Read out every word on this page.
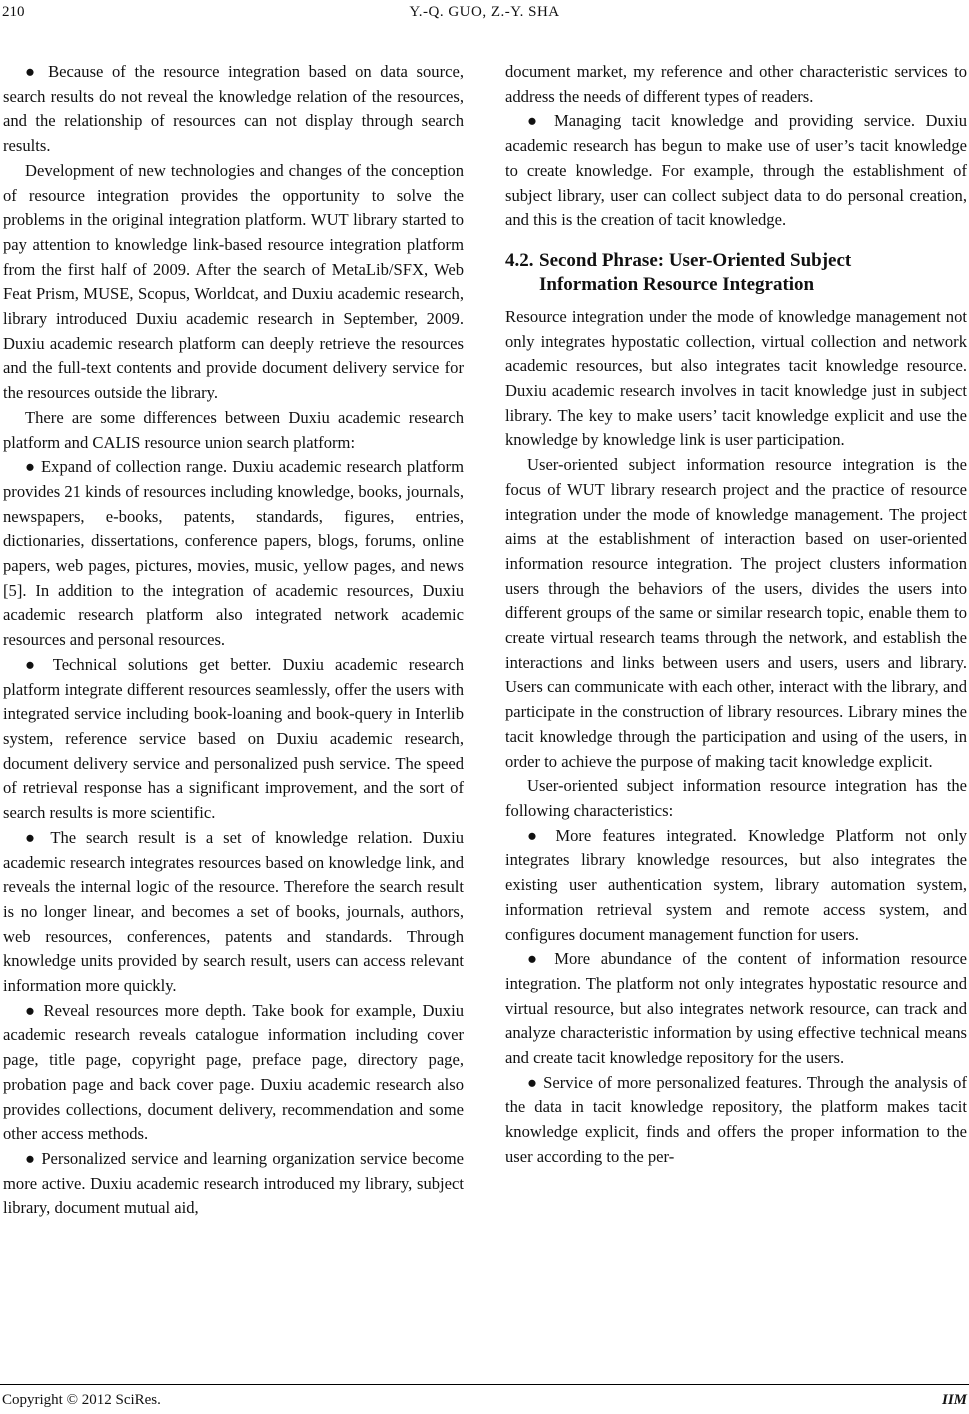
210	Y.-Q. GUO, Z.-Y. SHA

● Because of the resource integration based on data source, search results do not reveal the knowledge relation of the resources, and the relationship of resources can not display through search results.

Development of new technologies and changes of the conception of resource integration provides the opportunity to solve the problems in the original integration platform. WUT library started to pay attention to knowledge link-based resource integration platform from the first half of 2009. After the search of MetaLib/SFX, Web Feat Prism, MUSE, Scopus, Worldcat, and Duxiu academic research, library introduced Duxiu academic research in September, 2009. Duxiu academic research platform can deeply retrieve the resources and the full-text contents and provide document delivery service for the resources outside the library.

There are some differences between Duxiu academic research platform and CALIS resource union search platform:

● Expand of collection range. Duxiu academic research platform provides 21 kinds of resources including knowledge, books, journals, newspapers, e-books, patents, standards, figures, entries, dictionaries, dissertations, conference papers, blogs, forums, online papers, web pages, pictures, movies, music, yellow pages, and news [5]. In addition to the integration of academic resources, Duxiu academic research platform also integrated network academic resources and personal resources.

● Technical solutions get better. Duxiu academic research platform integrate different resources seamlessly, offer the users with integrated service including book-loaning and book-query in Interlib system, reference service based on Duxiu academic research, document delivery service and personalized push service. The speed of retrieval response has a significant improvement, and the sort of search results is more scientific.

● The search result is a set of knowledge relation. Duxiu academic research integrates resources based on knowledge link, and reveals the internal logic of the resource. Therefore the search result is no longer linear, and becomes a set of books, journals, authors, web resources, conferences, patents and standards. Through knowledge units provided by search result, users can access relevant information more quickly.

● Reveal resources more depth. Take book for example, Duxiu academic research reveals catalogue information including cover page, title page, copyright page, preface page, directory page, probation page and back cover page. Duxiu academic research also provides collections, document delivery, recommendation and some other access methods.

● Personalized service and learning organization service become more active. Duxiu academic research introduced my library, subject library, document mutual aid,

document market, my reference and other characteristic services to address the needs of different types of readers.

● Managing tacit knowledge and providing service. Duxiu academic research has begun to make use of user’s tacit knowledge to create knowledge. For example, through the establishment of subject library, user can collect subject data to do personal creation, and this is the creation of tacit knowledge.

4.2. Second Phrase: User-Oriented Subject
Information Resource Integration

Resource integration under the mode of knowledge management not only integrates hypostatic collection, virtual collection and network academic resources, but also integrates tacit knowledge resource. Duxiu academic research involves in tacit knowledge just in subject library. The key to make users’ tacit knowledge explicit and use the knowledge by knowledge link is user participation.

User-oriented subject information resource integration is the focus of WUT library research project and the practice of resource integration under the mode of knowledge management. The project aims at the establishment of interaction based on user-oriented information resource integration. The project clusters information users through the behaviors of the users, divides the users into different groups of the same or similar research topic, enable them to create virtual research teams through the network, and establish the interactions and links between users and users, users and library. Users can communicate with each other, interact with the library, and participate in the construction of library resources. Library mines the tacit knowledge through the participation and using of the users, in order to achieve the purpose of making tacit knowledge explicit.

User-oriented subject information resource integration has the following characteristics:

● More features integrated. Knowledge Platform not only integrates library knowledge resources, but also integrates the existing user authentication system, library automation system, information retrieval system and remote access system, and configures document management function for users.

● More abundance of the content of information resource integration. The platform not only integrates hypostatic resource and virtual resource, but also integrates network resource, can track and analyze characteristic information by using effective technical means and create tacit knowledge repository for the users.

● Service of more personalized features. Through the analysis of the data in tacit knowledge repository, the platform makes tacit knowledge explicit, finds and offers the proper information to the user according to the per-

Copyright © 2012 SciRes.	IIM
